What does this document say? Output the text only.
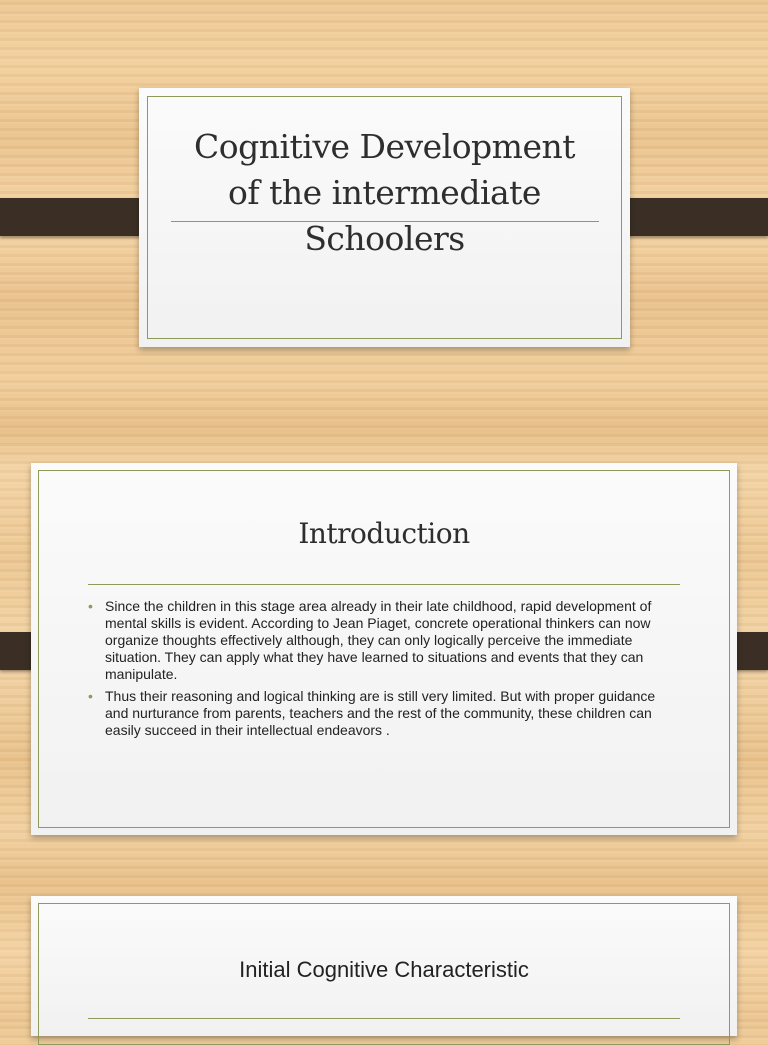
Cognitive Development
of the intermediate
Schoolers
Introduction
• Since the children in this stage area already in their late childhood, rapid development of mental skills is evident. According to Jean Piaget, concrete operational thinkers can now organize thoughts effectively although, they can only logically perceive the immediate situation. They can apply what they have learned to situations and events that they can manipulate.
• Thus their reasoning and logical thinking are is still very limited. But with proper guidance and nurturance from parents, teachers and the rest of the community, these children can easily succeed in their intellectual endeavors .
Initial Cognitive Characteristic
